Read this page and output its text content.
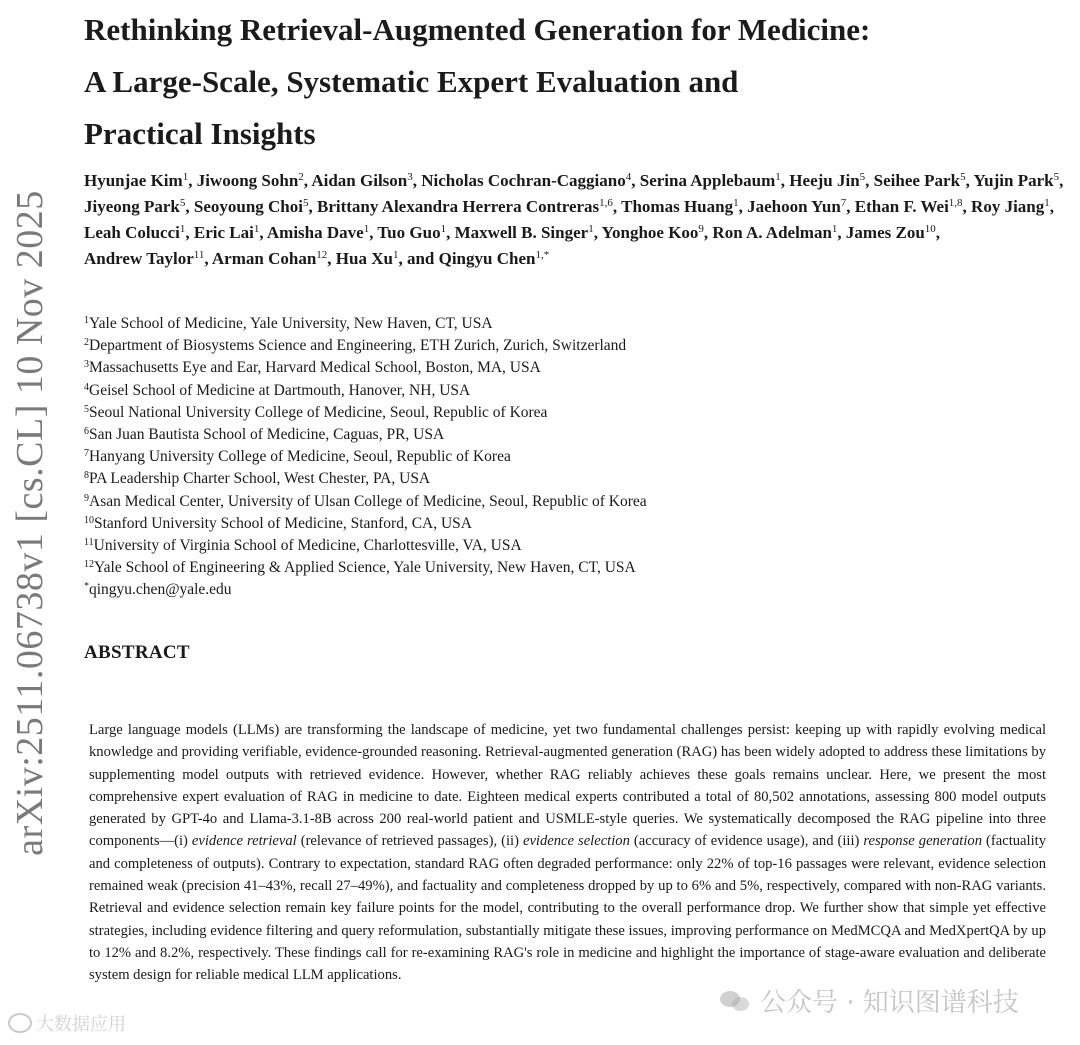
arXiv:2511.06738v1 [cs.CL] 10 Nov 2025
Rethinking Retrieval-Augmented Generation for Medicine:
A Large-Scale, Systematic Expert Evaluation and
Practical Insights
Hyunjae Kim$^1$, Jiwoong Sohn$^2$, Aidan Gilson$^3$, Nicholas Cochran-Caggiano$^4$, Serina Applebaum$^1$, Heeju Jin$^5$, Seihee Park$^5$, Yujin Park$^5$, Jiyeong Park$^5$, Seoyoung Choi$^5$, Brittany Alexandra Herrera Contreras$^{1,6}$, Thomas Huang$^1$, Jaehoon Yun$^7$, Ethan F. Wei$^{1,8}$, Roy Jiang$^1$, Leah Colucci$^1$, Eric Lai$^1$, Amisha Dave$^1$, Tuo Guo$^1$, Maxwell B. Singer$^1$, Yonghoe Koo$^9$, Ron A. Adelman$^1$, James Zou$^{10}$, Andrew Taylor$^{11}$, Arman Cohan$^{12}$, Hua Xu$^1$, and Qingyu Chen$^{1,*}$
$^1$Yale School of Medicine, Yale University, New Haven, CT, USA
$^2$Department of Biosystems Science and Engineering, ETH Zurich, Zurich, Switzerland
$^3$Massachusetts Eye and Ear, Harvard Medical School, Boston, MA, USA
$^4$Geisel School of Medicine at Dartmouth, Hanover, NH, USA
$^5$Seoul National University College of Medicine, Seoul, Republic of Korea
$^6$San Juan Bautista School of Medicine, Caguas, PR, USA
$^7$Hanyang University College of Medicine, Seoul, Republic of Korea
$^8$PA Leadership Charter School, West Chester, PA, USA
$^9$Asan Medical Center, University of Ulsan College of Medicine, Seoul, Republic of Korea
$^{10}$Stanford University School of Medicine, Stanford, CA, USA
$^{11}$University of Virginia School of Medicine, Charlottesville, VA, USA
$^{12}$Yale School of Engineering & Applied Science, Yale University, New Haven, CT, USA
*qingyu.chen@yale.edu
ABSTRACT

Large language models (LLMs) are transforming the landscape of medicine, yet two fundamental challenges persist: keeping up with rapidly evolving medical knowledge and providing verifiable, evidence-grounded reasoning. Retrieval-augmented generation (RAG) has been widely adopted to address these limitations by supplementing model outputs with retrieved evidence. However, whether RAG reliably achieves these goals remains unclear. Here, we present the most comprehensive expert evaluation of RAG in medicine to date. Eighteen medical experts contributed a total of 80,502 annotations, assessing 800 model outputs generated by GPT-4o and Llama-3.1-8B across 200 real-world patient and USMLE-style queries. We systematically decomposed the RAG pipeline into three components—(i) evidence retrieval (relevance of retrieved passages), (ii) evidence selection (accuracy of evidence usage), and (iii) response generation (factuality and completeness of outputs). Contrary to expectation, standard RAG often degraded performance: only 22% of top-16 passages were relevant, evidence selection remained weak (precision 41–43%, recall 27–49%), and factuality and completeness dropped by up to 6% and 5%, respectively, compared with non-RAG variants. Retrieval and evidence selection remain key failure points for the model, contributing to the overall performance drop. We further show that simple yet effective strategies, including evidence filtering and query reformulation, substantially mitigate these issues, improving performance on MedMCQA and MedXpertQA by up to 12% and 8.2%, respectively. These findings call for re-examining RAG's role in medicine and highlight the importance of stage-aware evaluation and deliberate system design for reliable medical LLM applications.

大数据应用
公众号 · 知识图谱科技
